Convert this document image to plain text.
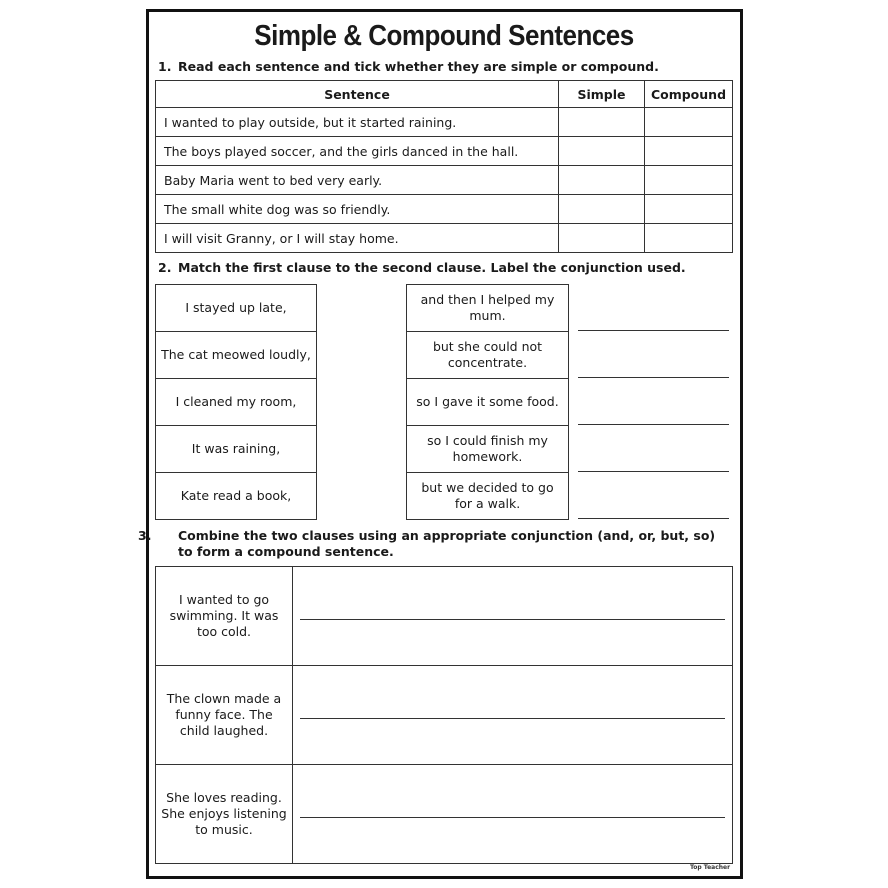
Simple & Compound Sentences
1. Read each sentence and tick whether they are simple or compound.
Sentence	Simple	Compound
I wanted to play outside, but it started raining.		
The boys played soccer, and the girls danced in the hall.		
Baby Maria went to bed very early.		
The small white dog was so friendly.		
I will visit Granny, or I will stay home.		
2. Match the first clause to the second clause. Label the conjunction used.
I stayed up late,
The cat meowed loudly,
I cleaned my room,
It was raining,
Kate read a book,
and then I helped my mum.
but she could not concentrate.
so I gave it some food.
so I could finish my homework.
but we decided to go for a walk.
3. Combine the two clauses using an appropriate conjunction (and, or, but, so) to form a compound sentence.
I wanted to go swimming. It was too cold.	

The clown made a funny face. The child laughed.	

She loves reading. She enjoys listening to music.	
Top Teacher
